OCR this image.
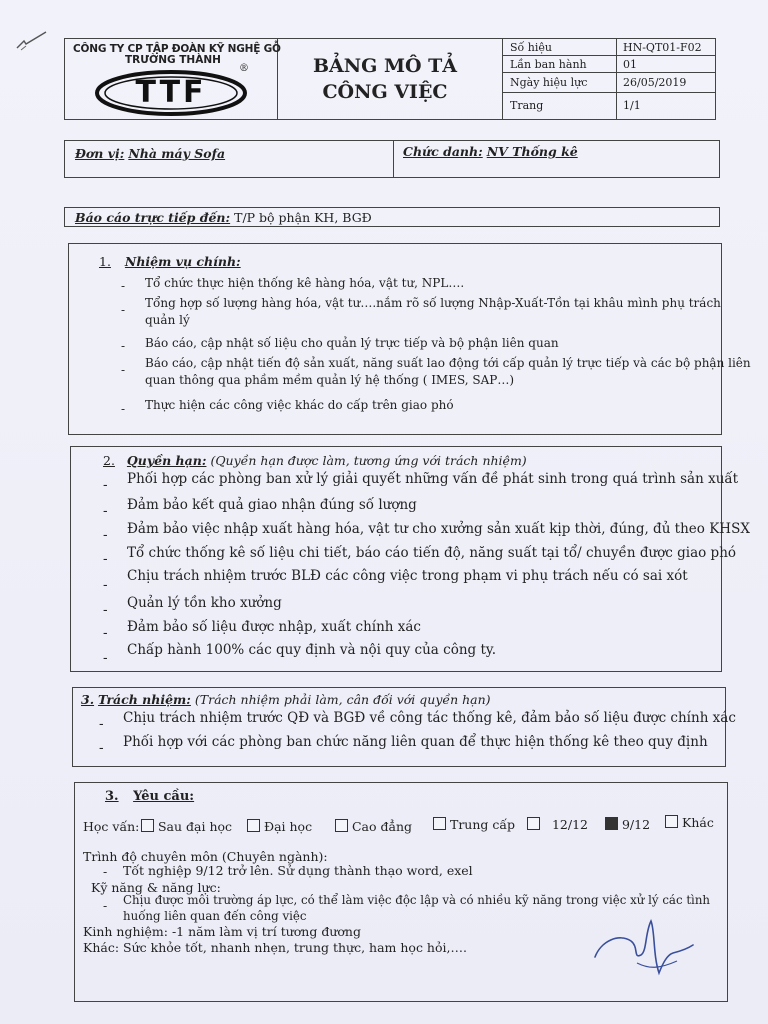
CÔNG TY CP TẬP ĐOÀN KỸ NGHỆ GỖ
TRƯỜNG THÀNH
TTF
®	BẢNG MÔ TẢ
CÔNG VIỆC
Số hiệu	HN-QT01-F02
Lần ban hành	01
Ngày hiệu lực	26/05/2019
Trang	1/1
Đơn vị: Nhà máy Sofa	Chức danh: NV Thống kê
Báo cáo trực tiếp đến: T/P bộ phận KH, BGĐ
1. Nhiệm vụ chính:
- Tổ chức thực hiện thống kê hàng hóa, vật tư, NPL….
- Tổng hợp số lượng hàng hóa, vật tư….nắm rõ số lượng Nhập-Xuất-Tồn tại khâu mình phụ trách
quản lý
- Báo cáo, cập nhật số liệu cho quản lý trực tiếp và bộ phận liên quan
- Báo cáo, cập nhật tiến độ sản xuất, năng suất lao động tới cấp quản lý trực tiếp và các bộ phận liên
quan thông qua phầm mềm quản lý hệ thống ( IMES, SAP…)
- Thực hiện các công việc khác do cấp trên giao phó
2. Quyền hạn: (Quyền hạn được làm, tương ứng với trách nhiệm)
- Phối hợp các phòng ban xử lý giải quyết những vấn đề phát sinh trong quá trình sản xuất
- Đảm bảo kết quả giao nhận đúng số lượng
- Đảm bảo việc nhập xuất hàng hóa, vật tư cho xưởng sản xuất kịp thời, đúng, đủ theo KHSX
- Tổ chức thống kê số liệu chi tiết, báo cáo tiến độ, năng suất tại tổ/ chuyền được giao phó
-
Chịu trách nhiệm trước BLĐ các công việc trong phạm vi phụ trách nếu có sai xót
- Quản lý tồn kho xưởng
- Đảm bảo số liệu được nhập, xuất chính xác
- Chấp hành 100% các quy định và nội quy của công ty.
3. Trách nhiệm: (Trách nhiệm phải làm, cân đối với quyền hạn)
- Chịu trách nhiệm trước QĐ và BGĐ về công tác thống kê, đảm bảo số liệu được chính xác
- Phối hợp với các phòng ban chức năng liên quan để thực hiện thống kê theo quy định
3. Yêu cầu:
Học vấn:	Sau đại học	Đại học	Cao đẳng	Trung cấp	12/12	9/12	Khác
Trình độ chuyên môn (Chuyên ngành):
- Tốt nghiệp 9/12 trở lên. Sử dụng thành thạo word, exel
Kỹ năng & năng lực:
- Chịu được môi trường áp lực, có thể làm việc độc lập và có nhiều kỹ năng trong việc xử lý các tình
huống liên quan đến công việc
Kinh nghiệm: -1 năm làm vị trí tương đương
Khác: Sức khỏe tốt, nhanh nhẹn, trung thực, ham học hỏi,….
